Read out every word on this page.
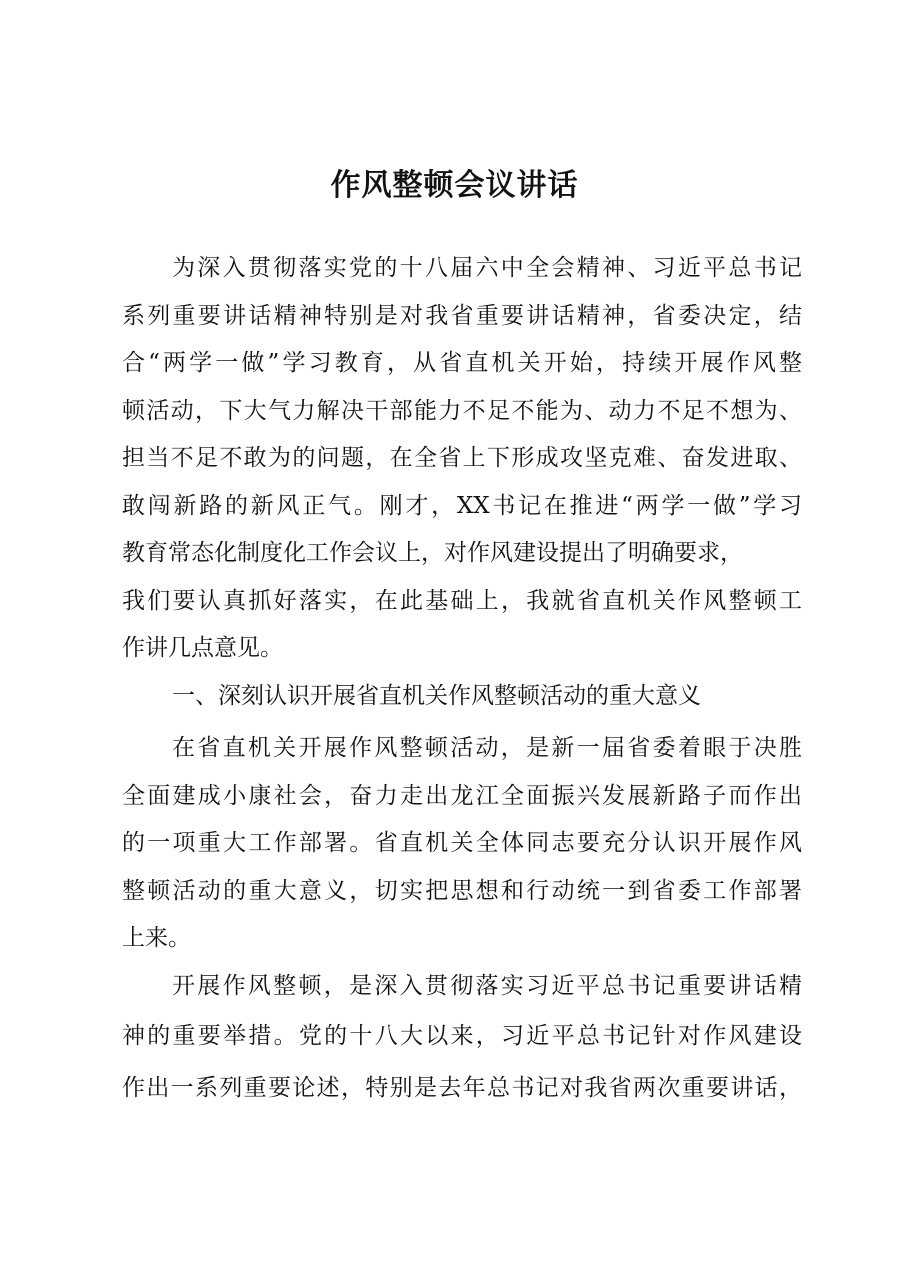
作风整顿会议讲话
为深入贯彻落实党的十八届六中全会精神、习近平总书记
系列重要讲话精神特别是对我省重要讲话精神，省委决定，结
合“两学一做”学习教育，从省直机关开始，持续开展作风整
顿活动，下大气力解决干部能力不足不能为、动力不足不想为、
担当不足不敢为的问题，在全省上下形成攻坚克难、奋发进取、
敢闯新路的新风正气。刚才，XX书记在推进“两学一做”学习
教育常态化制度化工作会议上，对作风建设提出了明确要求，
我们要认真抓好落实，在此基础上，我就省直机关作风整顿工
作讲几点意见。
一、深刻认识开展省直机关作风整顿活动的重大意义
在省直机关开展作风整顿活动，是新一届省委着眼于决胜
全面建成小康社会，奋力走出龙江全面振兴发展新路子而作出
的一项重大工作部署。省直机关全体同志要充分认识开展作风
整顿活动的重大意义，切实把思想和行动统一到省委工作部署
上来。
开展作风整顿，是深入贯彻落实习近平总书记重要讲话精
神的重要举措。党的十八大以来，习近平总书记针对作风建设
作出一系列重要论述，特别是去年总书记对我省两次重要讲话，
